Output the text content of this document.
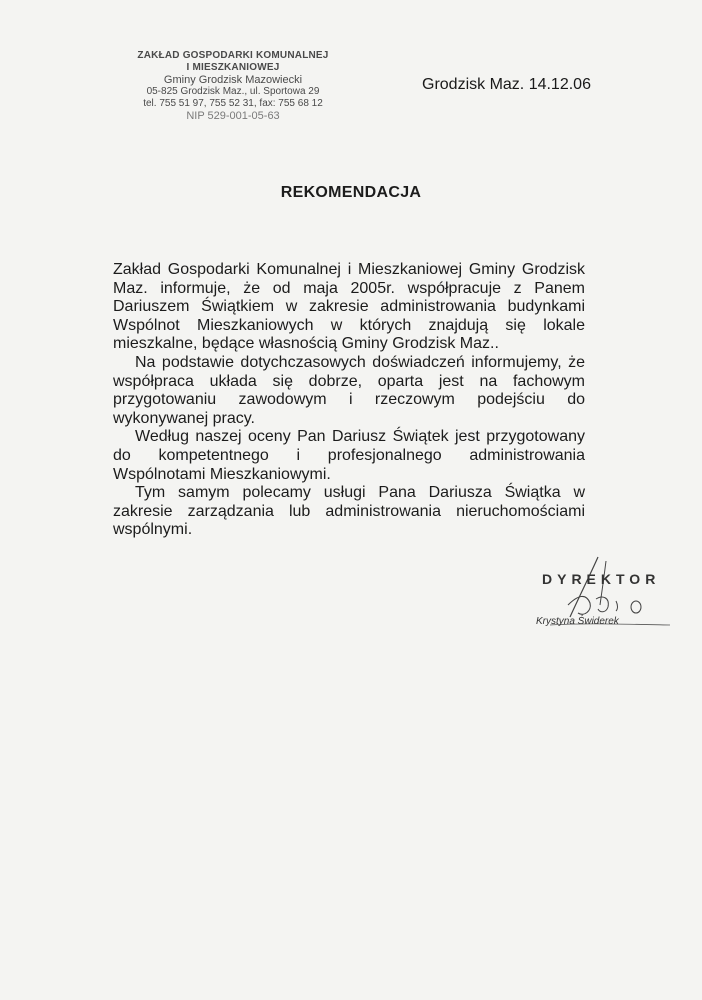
ZAKŁAD GOSPODARKI KOMUNALNEJ
I MIESZKANIOWEJ
Gminy Grodzisk Mazowiecki
05-825 Grodzisk Maz., ul. Sportowa 29
tel. 755 51 97, 755 52 31, fax: 755 68 12
NIP 529-001-05-63
Grodzisk Maz. 14.12.06
REKOMENDACJA

Zakład Gospodarki Komunalnej i Mieszkaniowej Gminy Grodzisk Maz. informuje, że od maja 2005r. współpracuje z Panem Dariuszem Świątkiem w zakresie administrowania budynkami Wspólnot Mieszkaniowych w których znajdują się lokale mieszkalne, będące własnością Gminy Grodzisk Maz..

Na podstawie dotychczasowych doświadczeń informujemy, że współpraca układa się dobrze, oparta jest na fachowym przygotowaniu zawodowym i rzeczowym podejściu do wykonywanej pracy.

Według naszej oceny Pan Dariusz Świątek jest przygotowany do kompetentnego i profesjonalnego administrowania Wspólnotami Mieszkaniowymi.

Tym samym polecamy usługi Pana Dariusza Świątka w zakresie zarządzania lub administrowania nieruchomościami wspólnymi.

DYREKTOR
Krystyna Świderek
